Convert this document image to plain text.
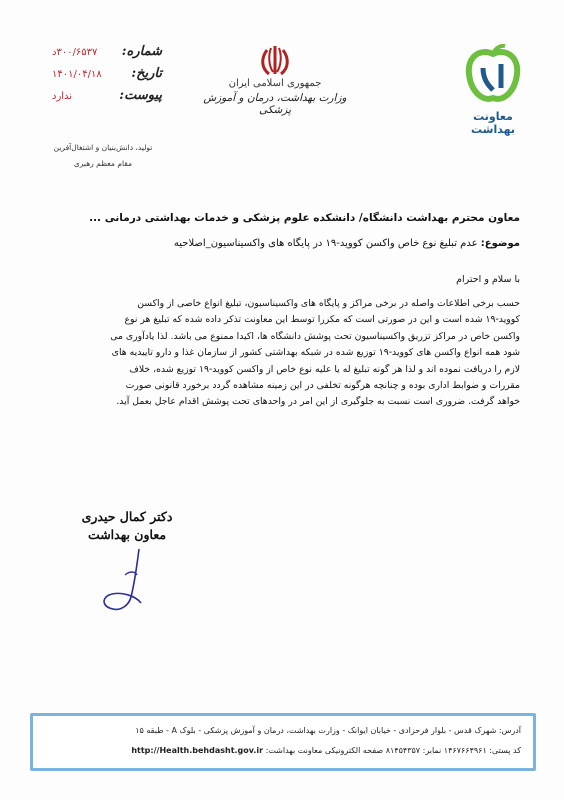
معاونت بهداشت
جمهوری اسلامی ایران
وزارت بهداشت، درمان و آموزش پزشکی
شماره:
۳۰۰/۶۵۳۷د
تاریخ:
۱۴۰۱/۰۴/۱۸
پیوست:
ندارد
تولید، دانش‌بنیان و اشتغال‌آفرین
مقام معظم رهبری
معاون محترم بهداشت دانشگاه/ دانشکده علوم پزشکی و خدمات بهداشتی درمانی ...
موضوع: عدم تبلیغ نوع خاص واکسن کووید-۱۹ در پایگاه های واکسیناسیون_اصلاحیه
با سلام و احترام
حسب برخی اطلاعات واصله در برخی مراکز و پایگاه های واکسیناسیون، تبلیغ انواع خاصی از واکسن
کووید-۱۹ شده است و این در صورتی است که مکررا توسط این معاونت تذکر داده شده که تبلیغ هر نوع
واکسن خاص در مراکز تزریق واکسیناسیون تحت پوشش دانشگاه ها، اکیدا ممنوع می باشد. لذا یادآوری می
شود همه انواع واکسن های کووید-۱۹ توزیع شده در شبکه بهداشتی کشور از سازمان غذا و دارو تاییدیه های
لازم را دریافت نموده اند و لذا هر گونه تبلیغ له یا علیه نوع خاص از واکسن کووید-۱۹ توزیع شده، خلاف
مقررات و ضوابط اداری بوده و چنانچه هرگونه تخلفی در این زمینه مشاهده گردد برخورد قانونی صورت
خواهد گرفت. ضروری است نسبت به جلوگیری از این امر در واحدهای تحت پوشش اقدام عاجل بعمل آید.
دکتر کمال حیدری
معاون بهداشت
آدرس: شهرک قدس - بلوار فرحزادی - خیابان ایوانک - وزارت بهداشت، درمان و آموزش پزشکی - بلوک A - طبقه ۱۵
کد پستی: ۱۴۶۷۶۶۴۹۶۱ نمابر: ۸۱۴۵۴۳۵۷ صفحه الکترونیکی معاونت بهداشت: http://Health.behdasht.gov.ir
